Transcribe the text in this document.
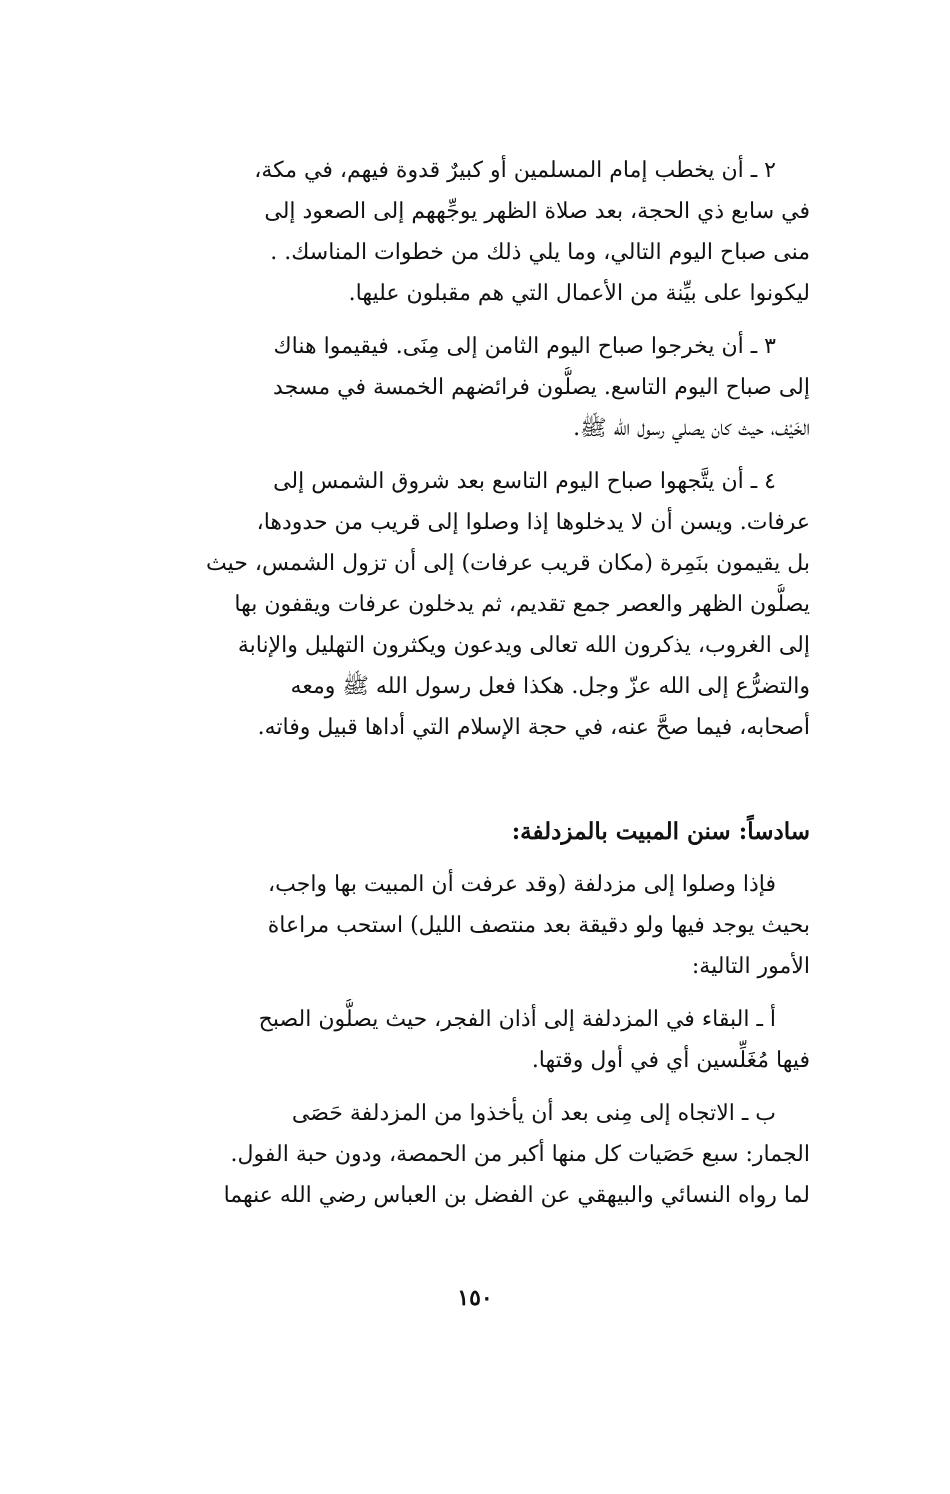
٢ ـ أن يخطب إمام المسلمين أو كبيرٌ قدوة فيهم، في مكة،
في سابع ذي الحجة، بعد صلاة الظهر يوجِّههم إلى الصعود إلى
منى صباح اليوم التالي، وما يلي ذلك من خطوات المناسك. .
ليكونوا على بيِّنة من الأعمال التي هم مقبلون عليها.
٣ ـ أن يخرجوا صباح اليوم الثامن إلى مِنَى. فيقيموا هناك
إلى صباح اليوم التاسع. يصلُّون فرائضهم الخمسة في مسجد
الخَيْف، حيث كان يصلي رسول الله ﷺ.
٤ ـ أن يتَّجهوا صباح اليوم التاسع بعد شروق الشمس إلى
عرفات. ويسن أن لا يدخلوها إذا وصلوا إلى قريب من حدودها،
بل يقيمون بنَمِرة (مكان قريب عرفات) إلى أن تزول الشمس، حيث
يصلُّون الظهر والعصر جمع تقديم، ثم يدخلون عرفات ويقفون بها
إلى الغروب، يذكرون الله تعالى ويدعون ويكثرون التهليل والإنابة
والتضرُّع إلى الله عزّ وجل. هكذا فعل رسول الله ﷺ ومعه
أصحابه، فيما صحَّ عنه، في حجة الإسلام التي أداها قبيل وفاته.
سادساً: سنن المبيت بالمزدلفة:
فإذا وصلوا إلى مزدلفة (وقد عرفت أن المبيت بها واجب،
بحيث يوجد فيها ولو دقيقة بعد منتصف الليل) استحب مراعاة
الأمور التالية:
أ ـ البقاء في المزدلفة إلى أذان الفجر، حيث يصلُّون الصبح
فيها مُغَلِّسين أي في أول وقتها.
ب ـ الاتجاه إلى مِنى بعد أن يأخذوا من المزدلفة حَصَى
الجمار: سبع حَصَيات كل منها أكبر من الحمصة، ودون حبة الفول.
لما رواه النسائي والبيهقي عن الفضل بن العباس رضي الله عنهما
١٥٠
